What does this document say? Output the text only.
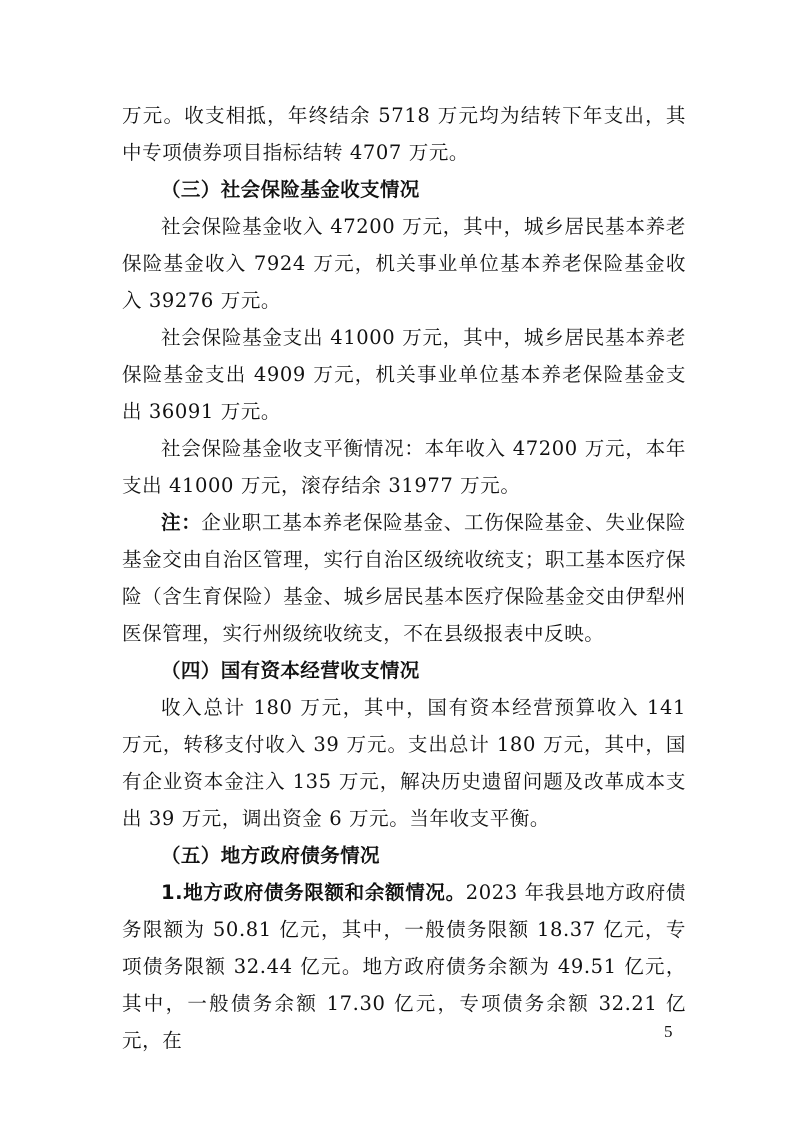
万元。收支相抵，年终结余 5718 万元均为结转下年支出，其中专项债券项目指标结转 4707 万元。

（三）社会保险基金收支情况

社会保险基金收入 47200 万元，其中，城乡居民基本养老保险基金收入 7924 万元，机关事业单位基本养老保险基金收入 39276 万元。

社会保险基金支出 41000 万元，其中，城乡居民基本养老保险基金支出 4909 万元，机关事业单位基本养老保险基金支出 36091 万元。

社会保险基金收支平衡情况：本年收入 47200 万元，本年支出 41000 万元，滚存结余 31977 万元。

注：企业职工基本养老保险基金、工伤保险基金、失业保险基金交由自治区管理，实行自治区级统收统支；职工基本医疗保险（含生育保险）基金、城乡居民基本医疗保险基金交由伊犁州医保管理，实行州级统收统支，不在县级报表中反映。

（四）国有资本经营收支情况

收入总计 180 万元，其中，国有资本经营预算收入 141 万元，转移支付收入 39 万元。支出总计 180 万元，其中，国有企业资本金注入 135 万元，解决历史遗留问题及改革成本支出 39 万元，调出资金 6 万元。当年收支平衡。

（五）地方政府债务情况

1.地方政府债务限额和余额情况。2023 年我县地方政府债务限额为 50.81 亿元，其中，一般债务限额 18.37 亿元，专项债务限额 32.44 亿元。地方政府债务余额为 49.51 亿元，其中，一般债务余额 17.30 亿元，专项债务余额 32.21 亿元，在	5
